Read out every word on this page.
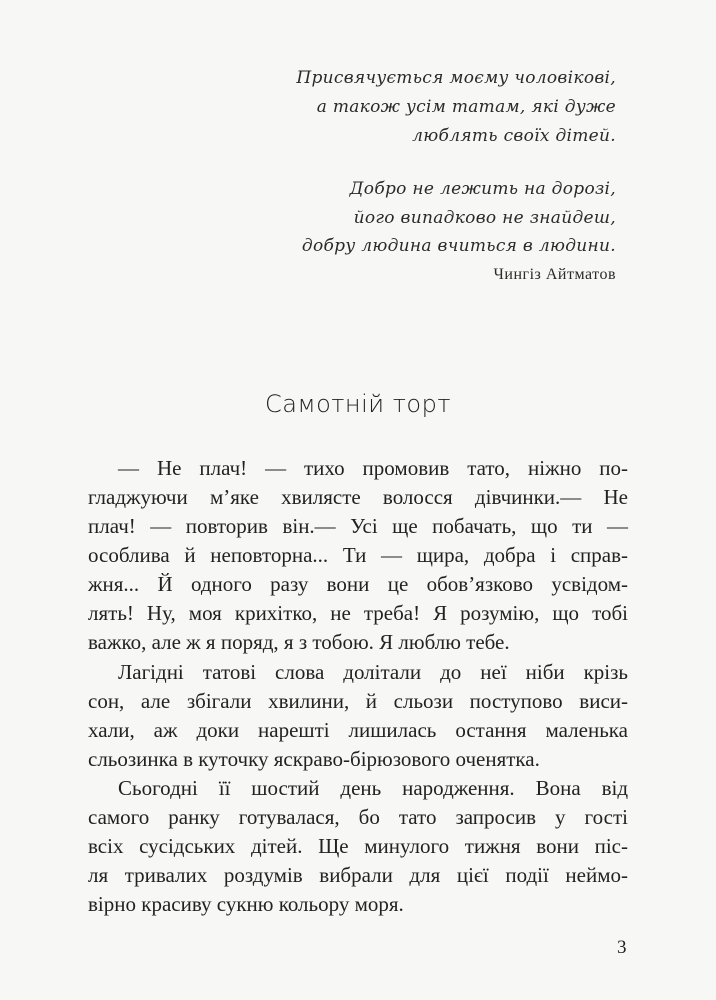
Присвячується моєму чоловікові,
а також усім татам, які дуже
люблять своїх дітей.
Добро не лежить на дорозі,
його випадково не знайдеш,
добру людина вчиться в людини.
Чингіз Айтматов
Самотній торт
— Не плач! — тихо промовив тато, ніжно по-
гладжуючи м’яке хвилясте волосся дівчинки.— Не
плач! — повторив він.— Усі ще побачать, що ти —
особлива й неповторна... Ти — щира, добра і справ-
жня... Й одного разу вони це обов’язково усвідом-
лять! Ну, моя крихітко, не треба! Я розумію, що тобі
важко, але ж я поряд, я з тобою. Я люблю тебе.
Лагідні татові слова долітали до неї ніби крізь
сон, але збігали хвилини, й сльози поступово виси-
хали, аж доки нарешті лишилась остання маленька
сльозинка в куточку яскраво-бірюзового оченятка.
Сьогодні її шостий день народження. Вона від
самого ранку готувалася, бо тато запросив у гості
всіх сусідських дітей. Ще минулого тижня вони піс-
ля тривалих роздумів вибрали для цієї події неймо-
вірно красиву сукню кольору моря.
3
